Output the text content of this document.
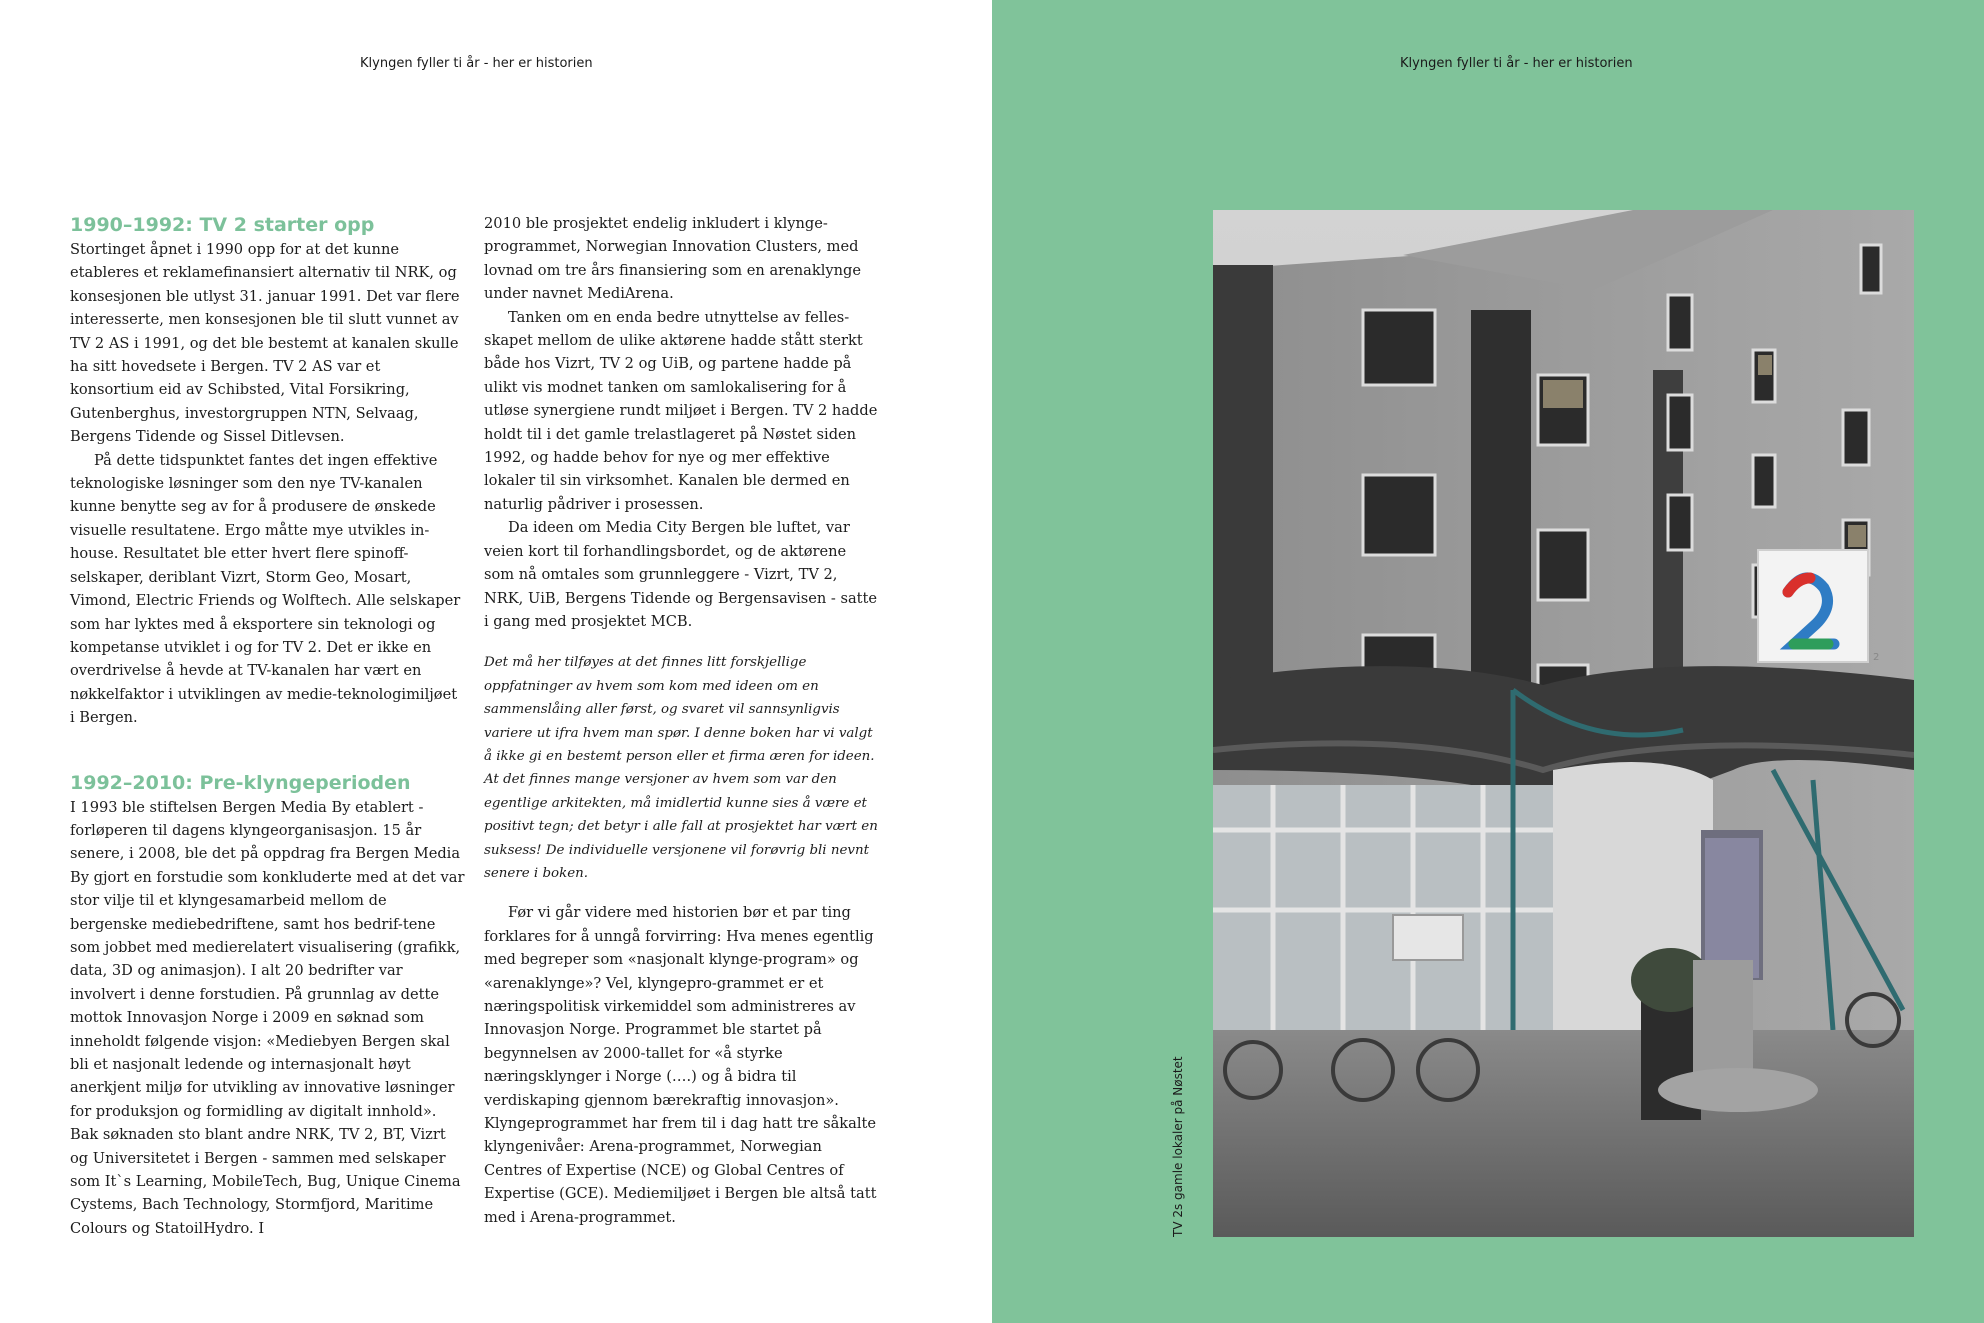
Klyngen fyller ti år - her er historien
1990–1992: TV 2 starter opp

Stortinget åpnet i 1990 opp for at det kunne etableres et reklamefinansiert alternativ til NRK, og konsesjonen ble utlyst 31. januar 1991. Det var flere interesserte, men konsesjonen ble til slutt vunnet av TV 2 AS i 1991, og det ble bestemt at kanalen skulle ha sitt hovedsete i Bergen. TV 2 AS var et konsortium eid av Schibsted, Vital Forsikring, Gutenberghus, investorgruppen NTN, Selvaag, Bergens Tidende og Sissel Ditlevsen.

På dette tidspunktet fantes det ingen effektive teknologiske løsninger som den nye TV-kanalen kunne benytte seg av for å produsere de ønskede visuelle resultatene. Ergo måtte mye utvikles in-house. Resultatet ble etter hvert flere spinoff-selskaper, deriblant Vizrt, Storm Geo, Mosart, Vimond, Electric Friends og Wolftech. Alle selskaper som har lyktes med å eksportere sin teknologi og kompetanse utviklet i og for TV 2. Det er ikke en overdrivelse å hevde at TV-kanalen har vært en nøkkelfaktor i utviklingen av medie-teknologimiljøet i Bergen.

1992–2010: Pre-klyngeperioden

I 1993 ble stiftelsen Bergen Media By etablert - forløperen til dagens klyngeorganisasjon. 15 år senere, i 2008, ble det på oppdrag fra Bergen Media By gjort en forstudie som konkluderte med at det var stor vilje til et klyngesamarbeid mellom de bergenske mediebedriftene, samt hos bedrif-tene som jobbet med medierelatert visualisering (grafikk, data, 3D og animasjon). I alt 20 bedrifter var involvert i denne forstudien. På grunnlag av dette mottok Innovasjon Norge i 2009 en søknad som inneholdt følgende visjon: «Mediebyen Bergen skal bli et nasjonalt ledende og internasjonalt høyt anerkjent miljø for utvikling av innovative løsninger for produksjon og formidling av digitalt innhold». Bak søknaden sto blant andre NRK, TV 2, BT, Vizrt og Universitetet i Bergen - sammen med selskaper som It`s Learning, MobileTech, Bug, Unique Cinema Cystems, Bach Technology, Stormfjord, Maritime Colours og StatoilHydro. I

2010 ble prosjektet endelig inkludert i klynge-programmet, Norwegian Innovation Clusters, med lovnad om tre års finansiering som en arenaklynge under navnet MediArena.

Tanken om en enda bedre utnyttelse av felles-skapet mellom de ulike aktørene hadde stått sterkt både hos Vizrt, TV 2 og UiB, og partene hadde på ulikt vis modnet tanken om samlokalisering for å utløse synergiene rundt miljøet i Bergen. TV 2 hadde holdt til i det gamle trelastlageret på Nøstet siden 1992, og hadde behov for nye og mer effektive lokaler til sin virksomhet. Kanalen ble dermed en naturlig pådriver i prosessen.

Da ideen om Media City Bergen ble luftet, var veien kort til forhandlingsbordet, og de aktørene som nå omtales som grunnleggere - Vizrt, TV 2, NRK, UiB, Bergens Tidende og Bergensavisen - satte i gang med prosjektet MCB.

Det må her tilføyes at det finnes litt forskjellige oppfatninger av hvem som kom med ideen om en sammenslåing aller først, og svaret vil sannsynligvis variere ut ifra hvem man spør. I denne boken har vi valgt å ikke gi en bestemt person eller et firma æren for ideen. At det finnes mange versjoner av hvem som var den egentlige arkitekten, må imidlertid kunne sies å være et positivt tegn; det betyr i alle fall at prosjektet har vært en suksess! De individuelle versjonene vil forøvrig bli nevnt senere i boken.

Før vi går videre med historien bør et par ting forklares for å unngå forvirring: Hva menes egentlig med begreper som «nasjonalt klynge-program» og «arenaklynge»? Vel, klyngepro-grammet er et næringspolitisk virkemiddel som administreres av Innovasjon Norge. Programmet ble startet på begynnelsen av 2000-tallet for «å styrke næringsklynger i Norge (….) og å bidra til verdiskaping gjennom bærekraftig innovasjon». Klyngeprogrammet har frem til i dag hatt tre såkalte klyngenivåer: Arena-programmet, Norwegian Centres of Expertise (NCE) og Global Centres of Expertise (GCE). Mediemiljøet i Bergen ble altså tatt med i Arena-programmet.

Klyngen fyller ti år - her er historien
TV 2s gamle lokaler på Nøstet
2
